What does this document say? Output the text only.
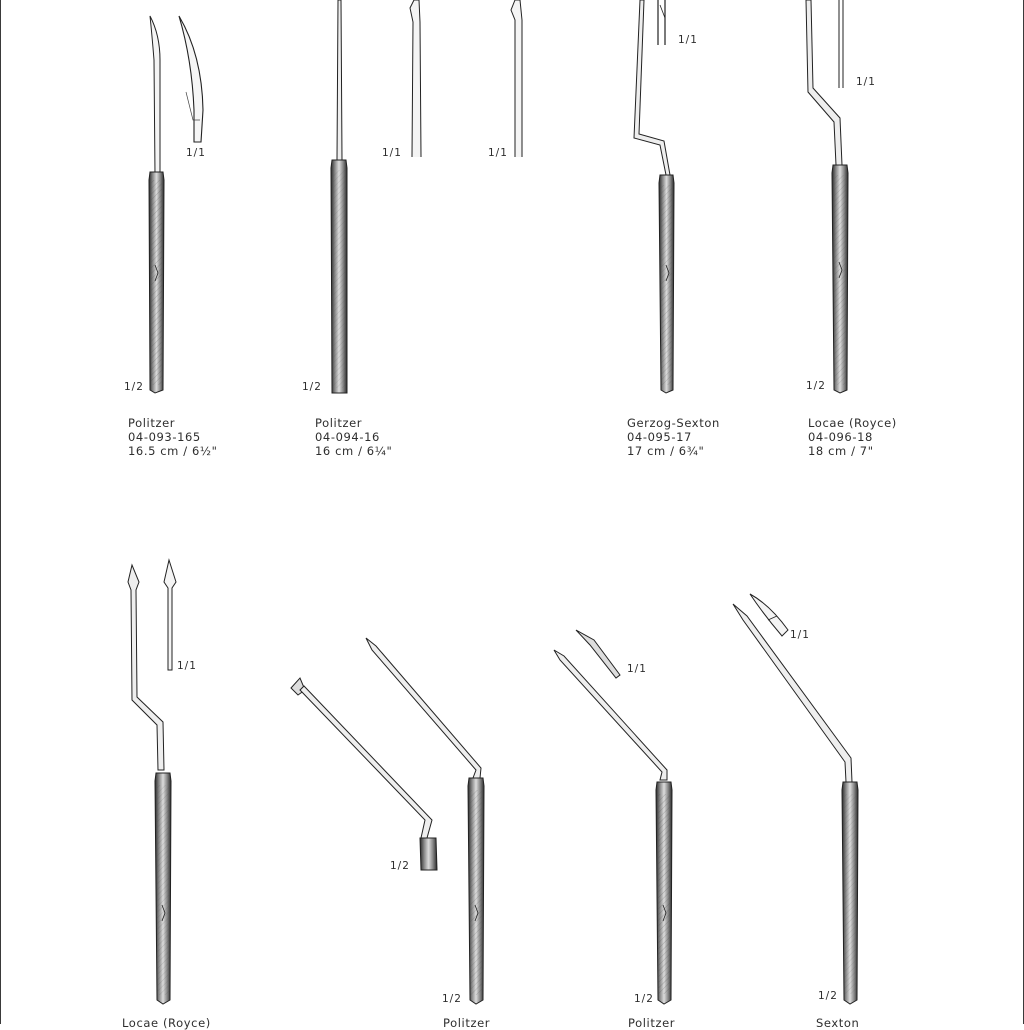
1/1
1/2
1/1
1/2
1/1
1/1
1/2
1/1
1/1	1/1
1/1
1/2
1/2	1/2	1/2
Politzer
04-093-165
16.5 cm / 6½"
Politzer
04-094-16
16 cm / 6¼"
Gerzog-Sexton
04-095-17
17 cm / 6¾"
Locae (Royce)
04-096-18
18 cm / 7"
Locae (Royce)	Politzer	Politzer	Sexton
